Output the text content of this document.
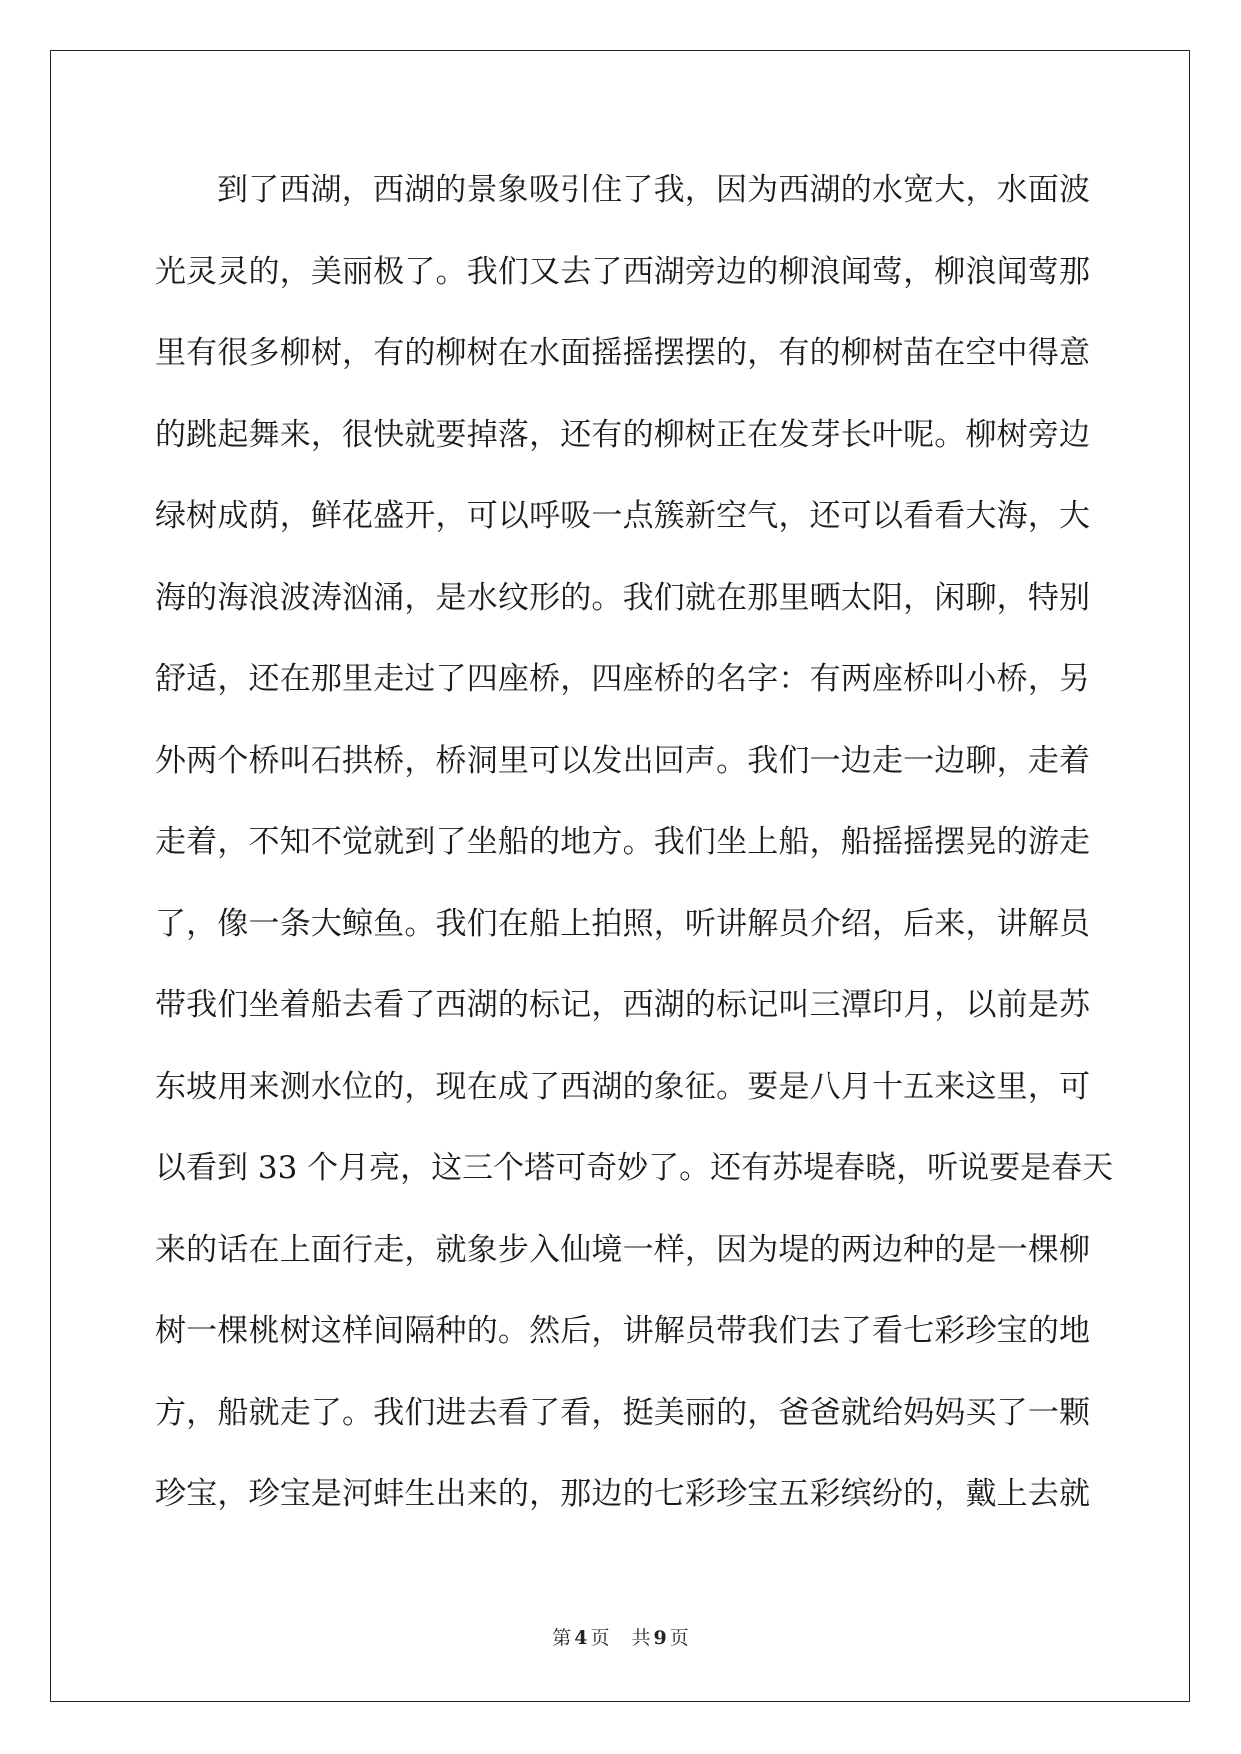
到了西湖，西湖的景象吸引住了我，因为西湖的水宽大，水面波
光灵灵的，美丽极了。我们又去了西湖旁边的柳浪闻莺，柳浪闻莺那
里有很多柳树，有的柳树在水面摇摇摆摆的，有的柳树苗在空中得意
的跳起舞来，很快就要掉落，还有的柳树正在发芽长叶呢。柳树旁边
绿树成荫，鲜花盛开，可以呼吸一点簇新空气，还可以看看大海，大
海的海浪波涛汹涌，是水纹形的。我们就在那里晒太阳，闲聊，特别
舒适，还在那里走过了四座桥，四座桥的名字：有两座桥叫小桥，另
外两个桥叫石拱桥，桥洞里可以发出回声。我们一边走一边聊，走着
走着，不知不觉就到了坐船的地方。我们坐上船，船摇摇摆晃的游走
了，像一条大鲸鱼。我们在船上拍照，听讲解员介绍，后来，讲解员
带我们坐着船去看了西湖的标记，西湖的标记叫三潭印月，以前是苏
东坡用来测水位的，现在成了西湖的象征。要是八月十五来这里，可
以看到 33 个月亮，这三个塔可奇妙了。还有苏堤春晓，听说要是春天
来的话在上面行走，就象步入仙境一样，因为堤的两边种的是一棵柳
树一棵桃树这样间隔种的。然后，讲解员带我们去了看七彩珍宝的地
方，船就走了。我们进去看了看，挺美丽的，爸爸就给妈妈买了一颗
珍宝，珍宝是河蚌生出来的，那边的七彩珍宝五彩缤纷的，戴上去就
第 4 页 共 9 页
